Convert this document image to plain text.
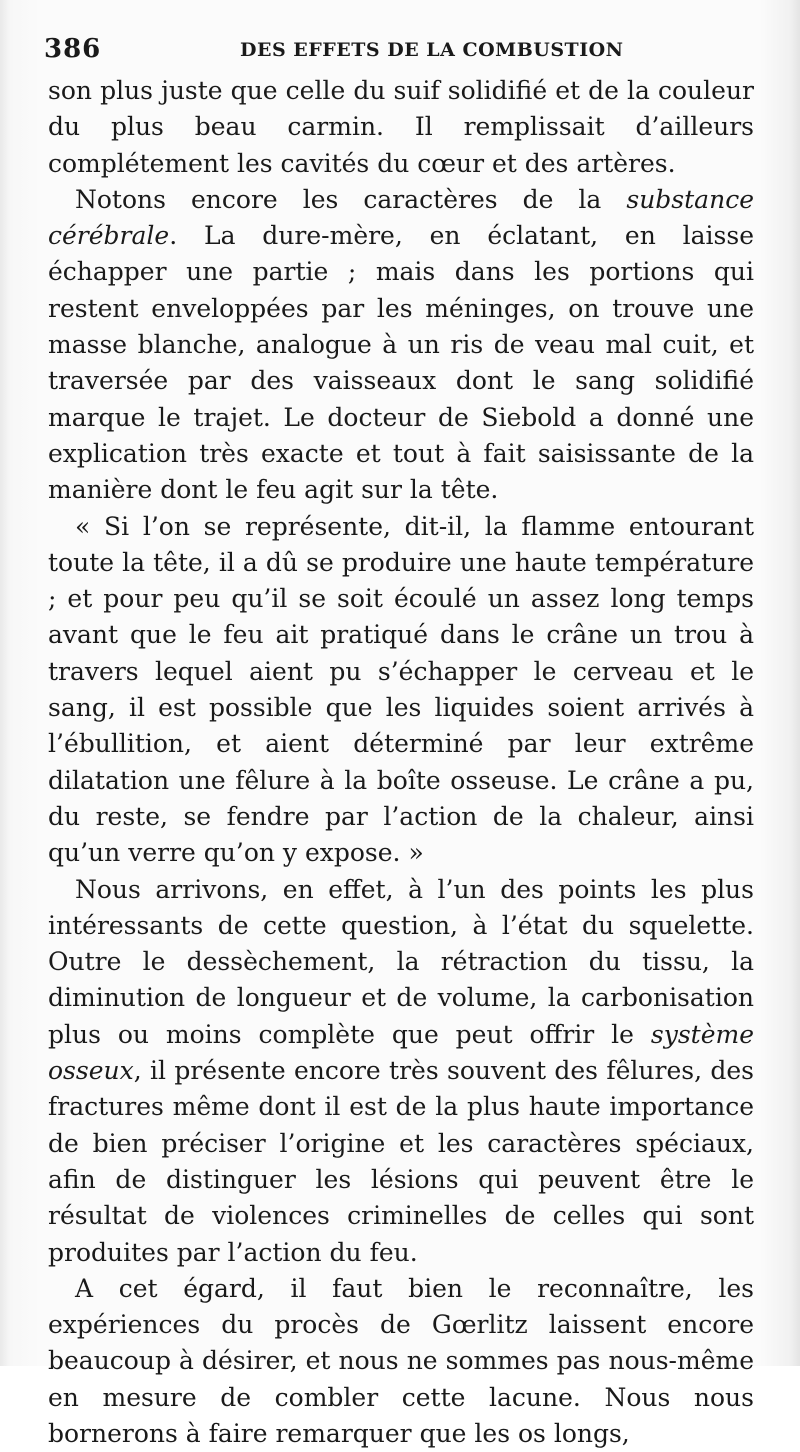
386	DES EFFETS DE LA COMBUSTION

son plus juste que celle du suif solidifié et de la couleur du plus beau carmin. Il remplissait d’ailleurs complétement les cavités du cœur et des artères.

Notons encore les caractères de la substance cérébrale. La dure-mère, en éclatant, en laisse échapper une partie ; mais dans les portions qui restent enveloppées par les méninges, on trouve une masse blanche, analogue à un ris de veau mal cuit, et traversée par des vaisseaux dont le sang solidifié marque le trajet. Le docteur de Siebold a donné une explication très exacte et tout à fait saisissante de la manière dont le feu agit sur la tête.

« Si l’on se représente, dit-il, la flamme entourant toute la tête, il a dû se produire une haute température ; et pour peu qu’il se soit écoulé un assez long temps avant que le feu ait pratiqué dans le crâne un trou à travers lequel aient pu s’échapper le cerveau et le sang, il est possible que les liquides soient arrivés à l’ébullition, et aient déterminé par leur extrême dilatation une fêlure à la boîte osseuse. Le crâne a pu, du reste, se fendre par l’action de la chaleur, ainsi qu’un verre qu’on y expose. »

Nous arrivons, en effet, à l’un des points les plus intéressants de cette question, à l’état du squelette. Outre le dessèchement, la rétraction du tissu, la diminution de longueur et de volume, la carbonisation plus ou moins complète que peut offrir le système osseux, il présente encore très souvent des fêlures, des fractures même dont il est de la plus haute importance de bien préciser l’origine et les caractères spéciaux, afin de distinguer les lésions qui peuvent être le résultat de violences criminelles de celles qui sont produites par l’action du feu.

A cet égard, il faut bien le reconnaître, les expériences du procès de Gœrlitz laissent encore beaucoup à désirer, et nous ne sommes pas nous-même en mesure de combler cette lacune. Nous nous bornerons à faire remarquer que les os longs,
